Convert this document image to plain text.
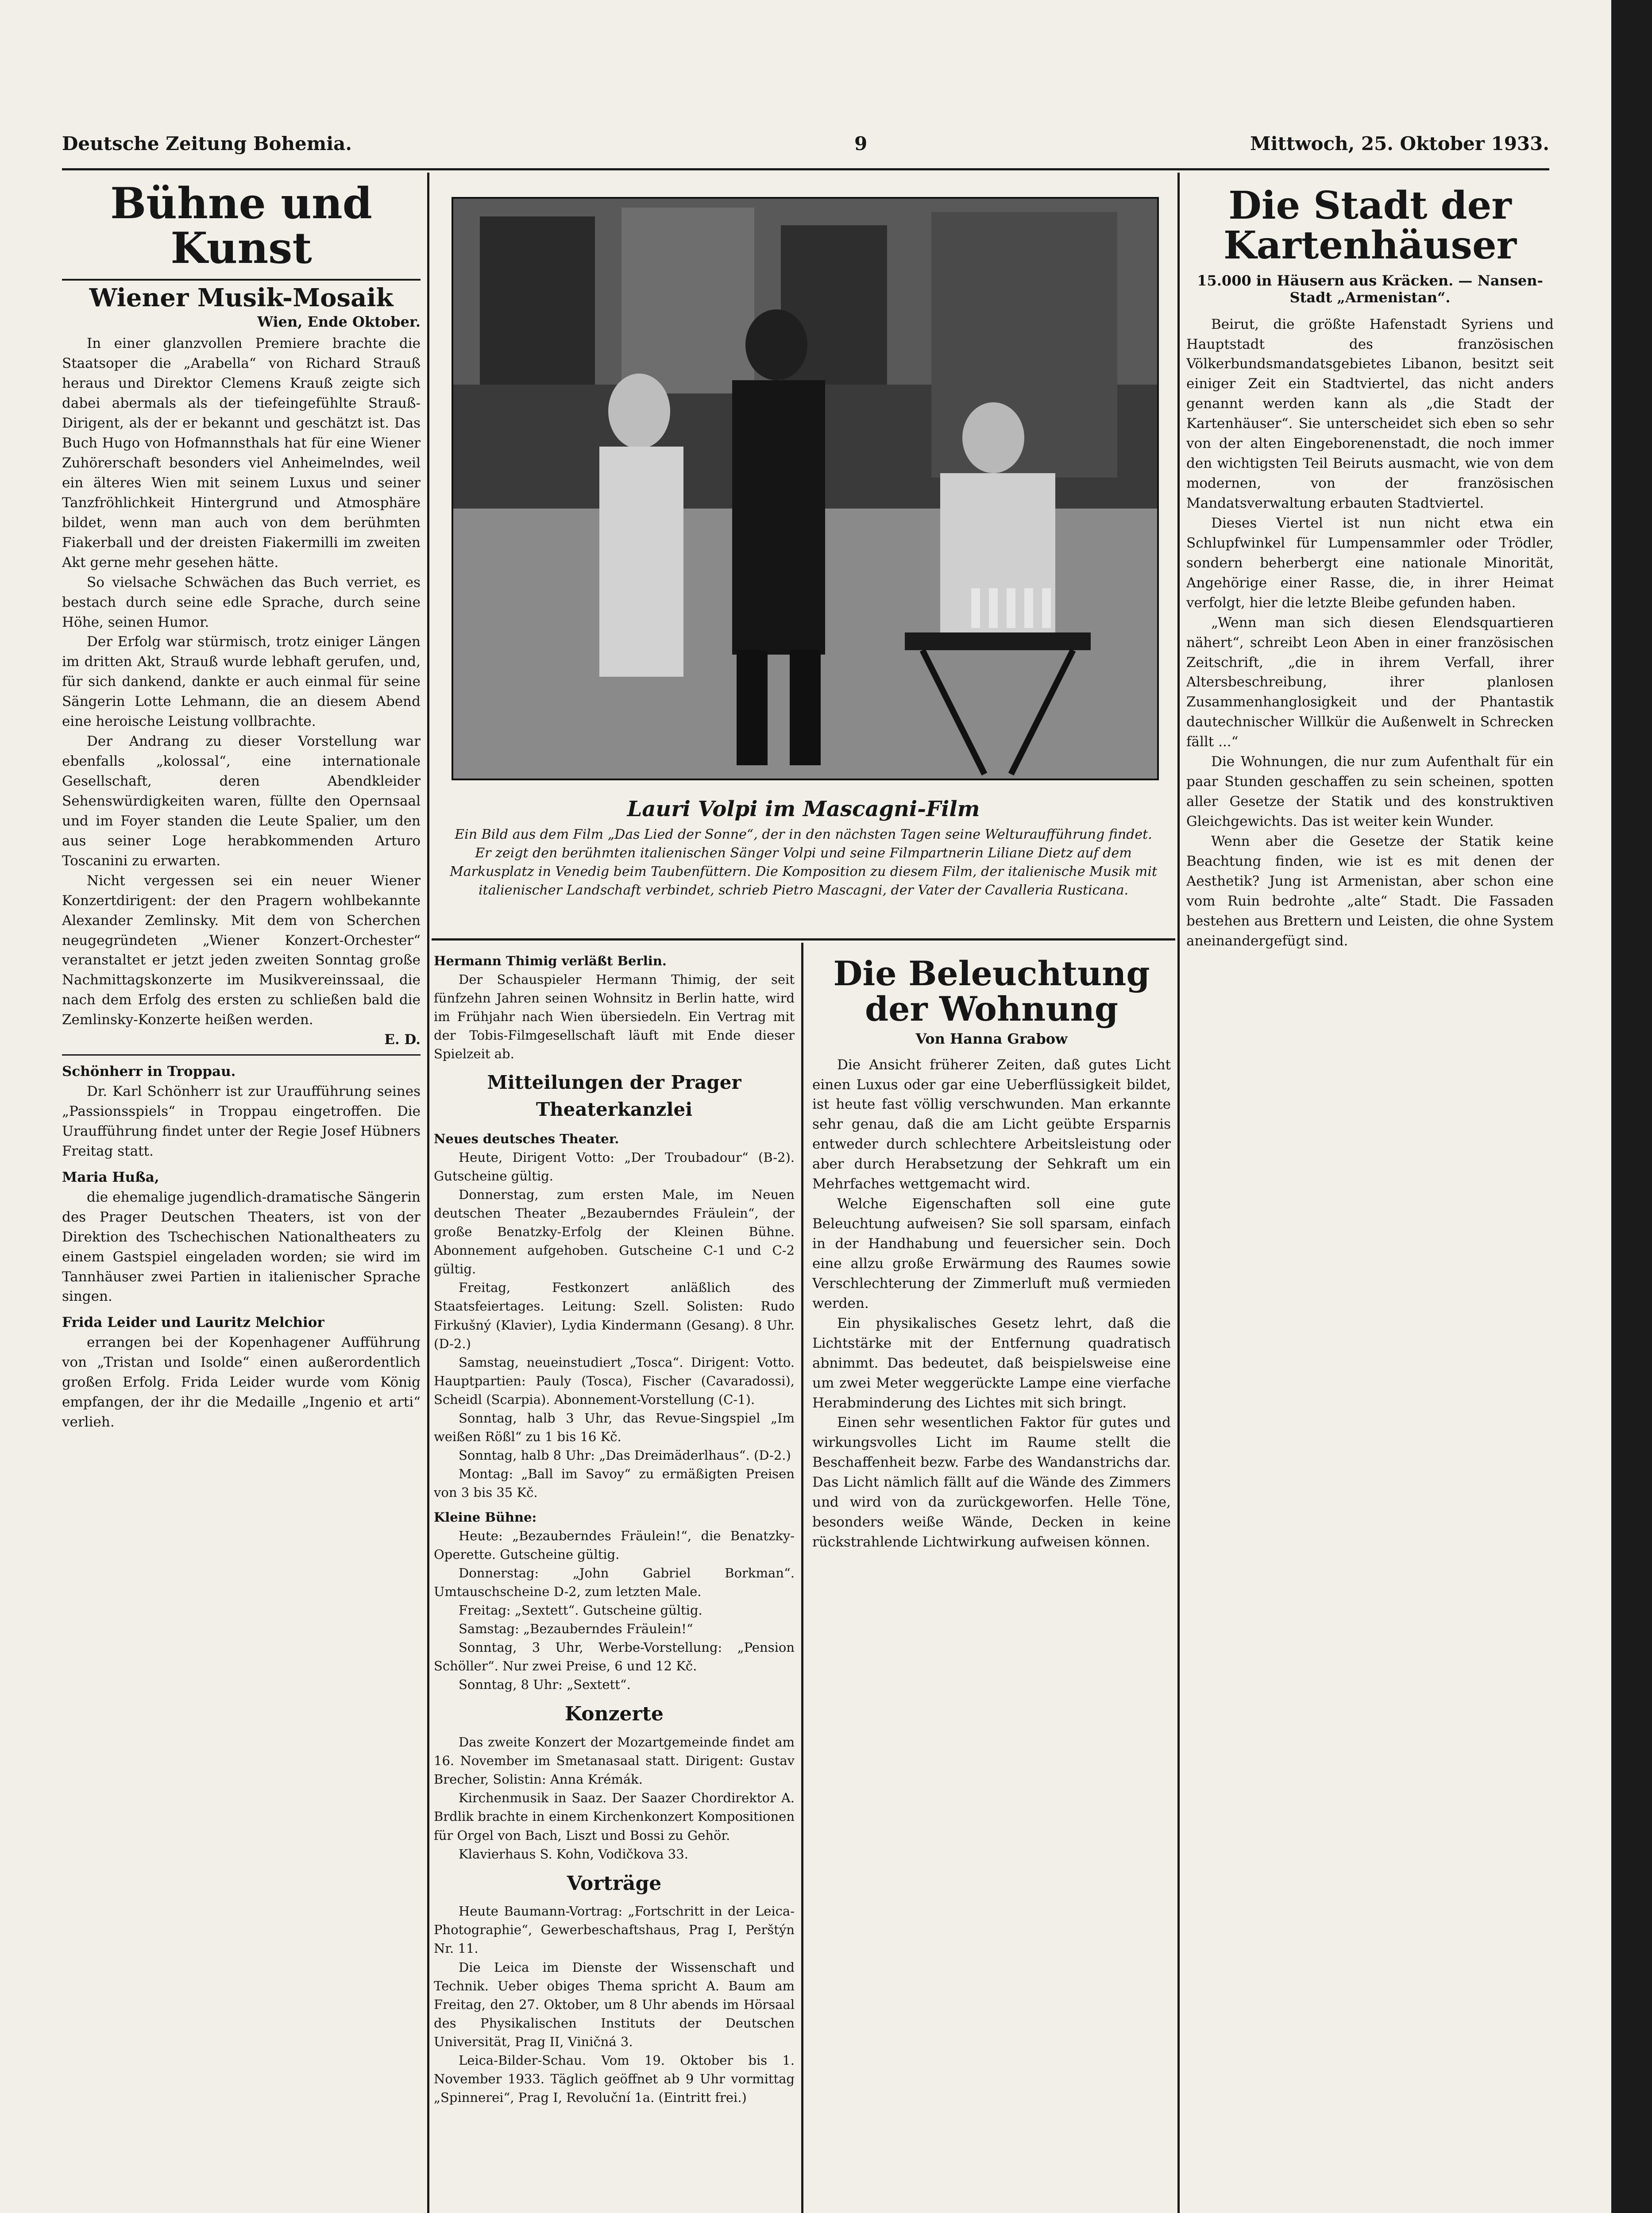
Deutsche Zeitung Bohemia.	9	Mittwoch, 25. Oktober 1933.
Bühne und Kunst
Wiener Musik-Mosaik
Wien, Ende Oktober.

In einer glanzvollen Premiere brachte die Staatsoper die „Arabella“ von Richard Strauß heraus und Direktor Clemens Krauß zeigte sich dabei abermals als der tiefeingefühlte Strauß-Dirigent, als der er bekannt und geschätzt ist. Das Buch Hugo von Hofmannsthals hat für eine Wiener Zuhörerschaft besonders viel Anheimelndes, weil ein älteres Wien mit seinem Luxus und seiner Tanzfröhlichkeit Hintergrund und Atmosphäre bildet, wenn man auch von dem berühmten Fiakerball und der dreisten Fiakermilli im zweiten Akt gerne mehr gesehen hätte.

So vielsache Schwächen das Buch verriet, es bestach durch seine edle Sprache, durch seine Höhe, seinen Humor.

Der Erfolg war stürmisch, trotz einiger Längen im dritten Akt, Strauß wurde lebhaft gerufen, und, für sich dankend, dankte er auch einmal für seine Sängerin Lotte Lehmann, die an diesem Abend eine heroische Leistung vollbrachte.

Der Andrang zu dieser Vorstellung war ebenfalls „kolossal“, eine internationale Gesellschaft, deren Abendkleider Sehenswürdigkeiten waren, füllte den Opernsaal und im Foyer standen die Leute Spalier, um den aus seiner Loge herabkommenden Arturo Toscanini zu erwarten.

Nicht vergessen sei ein neuer Wiener Konzertdirigent: der den Pragern wohlbekannte Alexander Zemlinsky. Mit dem von Scherchen neugegründeten „Wiener Konzert-Orchester“ veranstaltet er jetzt jeden zweiten Sonntag große Nachmittagskonzerte im Musikvereinssaal, die nach dem Erfolg des ersten zu schließen bald die Zemlinsky-Konzerte heißen werden.

E. D.

Schönherr in Troppau.

Dr. Karl Schönherr ist zur Uraufführung seines „Passionsspiels“ in Troppau eingetroffen. Die Uraufführung findet unter der Regie Josef Hübners Freitag statt.

Maria Hußa,

die ehemalige jugendlich-dramatische Sängerin des Prager Deutschen Theaters, ist von der Direktion des Tschechischen Nationaltheaters zu einem Gastspiel eingeladen worden; sie wird im Tannhäuser zwei Partien in italienischer Sprache singen.

Frida Leider und Lauritz Melchior

errangen bei der Kopenhagener Aufführung von „Tristan und Isolde“ einen außerordentlich großen Erfolg. Frida Leider wurde vom König empfangen, der ihr die Medaille „Ingenio et arti“ verlieh.

Lauri Volpi im Mascagni-Film
Ein Bild aus dem Film „Das Lied der Sonne“, der in den nächsten Tagen seine Welturaufführung findet. Er zeigt den berühmten italienischen Sänger Volpi und seine Filmpartnerin Liliane Dietz auf dem Markusplatz in Venedig beim Taubenfüttern. Die Komposition zu diesem Film, der italienische Musik mit italienischer Landschaft verbindet, schrieb Pietro Mascagni, der Vater der Cavalleria Rusticana.

Hermann Thimig verläßt Berlin.

Der Schauspieler Hermann Thimig, der seit fünfzehn Jahren seinen Wohnsitz in Berlin hatte, wird im Frühjahr nach Wien übersiedeln. Ein Vertrag mit der Tobis-Filmgesellschaft läuft mit Ende dieser Spielzeit ab.

Mitteilungen der Prager Theaterkanzlei

Neues deutsches Theater.

Heute, Dirigent Votto: „Der Troubadour“ (B-2). Gutscheine gültig.

Donnerstag, zum ersten Male, im Neuen deutschen Theater „Bezauberndes Fräulein“, der große Benatzky-Erfolg der Kleinen Bühne. Abonnement aufgehoben. Gutscheine C-1 und C-2 gültig.

Freitag, Festkonzert anläßlich des Staatsfeiertages. Leitung: Szell. Solisten: Rudo Firkušný (Klavier), Lydia Kindermann (Gesang). 8 Uhr. (D-2.)

Samstag, neueinstudiert „Tosca“. Dirigent: Votto. Hauptpartien: Pauly (Tosca), Fischer (Cavaradossi), Scheidl (Scarpia). Abonnement-Vorstellung (C-1).

Sonntag, halb 3 Uhr, das Revue-Singspiel „Im weißen Rößl“ zu 1 bis 16 Kč.

Sonntag, halb 8 Uhr: „Das Dreimäderlhaus“. (D-2.)

Montag: „Ball im Savoy“ zu ermäßigten Preisen von 3 bis 35 Kč.

Kleine Bühne:

Heute: „Bezauberndes Fräulein!“, die Benatzky-Operette. Gutscheine gültig.

Donnerstag: „John Gabriel Borkman“. Umtauschscheine D-2, zum letzten Male.

Freitag: „Sextett“. Gutscheine gültig.

Samstag: „Bezauberndes Fräulein!“

Sonntag, 3 Uhr, Werbe-Vorstellung: „Pension Schöller“. Nur zwei Preise, 6 und 12 Kč.

Sonntag, 8 Uhr: „Sextett“.

Konzerte

Das zweite Konzert der Mozartgemeinde findet am 16. November im Smetanasaal statt. Dirigent: Gustav Brecher, Solistin: Anna Krémák.

Kirchenmusik in Saaz. Der Saazer Chordirektor A. Brdlik brachte in einem Kirchenkonzert Kompositionen für Orgel von Bach, Liszt und Bossi zu Gehör.

Klavierhaus S. Kohn, Vodičkova 33.

Vorträge

Heute Baumann-Vortrag: „Fortschritt in der Leica-Photographie“, Gewerbeschaftshaus, Prag I, Perštýn Nr. 11.

Die Leica im Dienste der Wissenschaft und Technik. Ueber obiges Thema spricht A. Baum am Freitag, den 27. Oktober, um 8 Uhr abends im Hörsaal des Physikalischen Instituts der Deutschen Universität, Prag II, Viničná 3.

Leica-Bilder-Schau. Vom 19. Oktober bis 1. November 1933. Täglich geöffnet ab 9 Uhr vormittag „Spinnerei“, Prag I, Revoluční 1a. (Eintritt frei.)

Die Beleuchtung der Wohnung
Von Hanna Grabow

Die Ansicht früherer Zeiten, daß gutes Licht einen Luxus oder gar eine Ueberflüssigkeit bildet, ist heute fast völlig verschwunden. Man erkannte sehr genau, daß die am Licht geübte Ersparnis entweder durch schlechtere Arbeitsleistung oder aber durch Herabsetzung der Sehkraft um ein Mehrfaches wettgemacht wird.

Welche Eigenschaften soll eine gute Beleuchtung aufweisen? Sie soll sparsam, einfach in der Handhabung und feuersicher sein. Doch eine allzu große Erwärmung des Raumes sowie Verschlechterung der Zimmerluft muß vermieden werden.

Ein physikalisches Gesetz lehrt, daß die Lichtstärke mit der Entfernung quadratisch abnimmt. Das bedeutet, daß beispielsweise eine um zwei Meter weggerückte Lampe eine vierfache Herabminderung des Lichtes mit sich bringt.

Einen sehr wesentlichen Faktor für gutes und wirkungsvolles Licht im Raume stellt die Beschaffenheit bezw. Farbe des Wandanstrichs dar. Das Licht nämlich fällt auf die Wände des Zimmers und wird von da zurückgeworfen. Helle Töne, besonders weiße Wände, Decken in keine rückstrahlende Lichtwirkung aufweisen können.

Die Stadt der Kartenhäuser
15.000 in Häusern aus Kräcken. — Nansen-Stadt „Armenistan“.

Beirut, die größte Hafenstadt Syriens und Hauptstadt des französischen Völkerbundsmandatsgebietes Libanon, besitzt seit einiger Zeit ein Stadtviertel, das nicht anders genannt werden kann als „die Stadt der Kartenhäuser“. Sie unterscheidet sich eben so sehr von der alten Eingeborenenstadt, die noch immer den wichtigsten Teil Beiruts ausmacht, wie von dem modernen, von der französischen Mandatsverwaltung erbauten Stadtviertel.

Dieses Viertel ist nun nicht etwa ein Schlupfwinkel für Lumpensammler oder Trödler, sondern beherbergt eine nationale Minorität, Angehörige einer Rasse, die, in ihrer Heimat verfolgt, hier die letzte Bleibe gefunden haben.

„Wenn man sich diesen Elendsquartieren nähert“, schreibt Leon Aben in einer französischen Zeitschrift, „die in ihrem Verfall, ihrer Altersbeschreibung, ihrer planlosen Zusammenhanglosigkeit und der Phantastik dautechnischer Willkür die Außenwelt in Schrecken fällt ...“

Die Wohnungen, die nur zum Aufenthalt für ein paar Stunden geschaffen zu sein scheinen, spotten aller Gesetze der Statik und des konstruktiven Gleichgewichts. Das ist weiter kein Wunder.

Wenn aber die Gesetze der Statik keine Beachtung finden, wie ist es mit denen der Aesthetik? Jung ist Armenistan, aber schon eine vom Ruin bedrohte „alte“ Stadt. Die Fassaden bestehen aus Brettern und Leisten, die ohne System aneinandergefügt sind.
